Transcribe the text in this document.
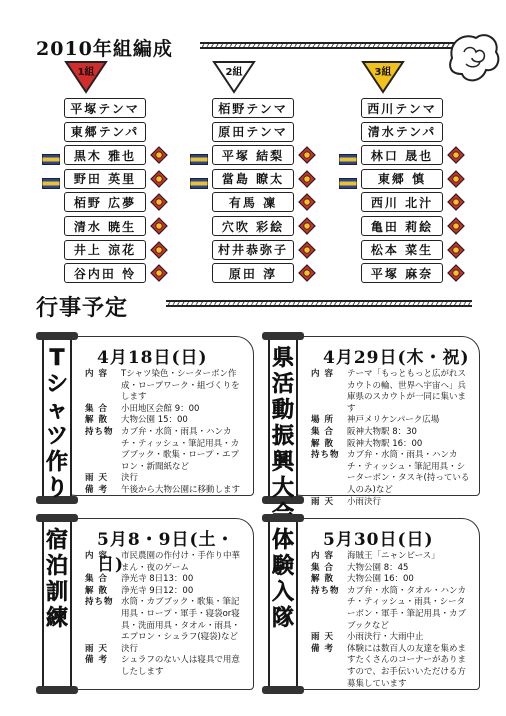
2010年組編成
1組
平塚テンマ
東郷テンパ
黒木 雅也
野田 英里
栢野 広夢
清水 暁生
井上 涼花
谷内田 怜
2組
栢野テンマ
原田テンマ
平塚 結梨
當島 瞭太
有馬 凜
穴吹 彩絵
村井恭弥子
原田 淳
3組
西川テンマ
清水テンパ
林口 晟也
東郷 慎
西川 北汁
亀田 莉絵
松本 菜生
平塚 麻奈
行事予定
4月18日(日)
内 容	Tシャツ染色・シーターボン作成・ロープワーク・組づくりをします
集 合	小田地区会館 9：00
解 散	大物公園 15：00
持ち物 カブ弁・水筒・雨具・ハンカチ・ティッシュ・筆記用具・カブブック・歌集・ロープ・エプロン・新聞紙など
雨 天	決行
備 考	午後から大物公園に移動します
T
シ
ャ
ツ
作
り
4月29日(木・祝)
内 容	テーマ「もっともっと広がれスカウトの輪、世界へ宇宙へ」兵庫県のスカウトが一同に集います
場 所	神戸メリケンパーク広場
集 合	阪神大物駅 8：30
解 散	阪神大物駅 16：00
持ち物 カブ弁・水筒・雨具・ハンカチ・ティッシュ・筆記用具・シーターボン・タスキ(持っている人のみ)など
雨 天	小雨決行
県
活
動
振
興
大
5月8・9日(土・日)
内 容	市民農園の作付け・手作り中華まん・夜のゲーム
集 合	浄光寺 8日13：00
解 散	浄光寺 9日12：00
持ち物 水筒・カブブック・歌集・筆記用具・ロープ・軍手・寝袋or寝具・洗面用具・タオル・雨具・エプロン・シュラフ(寝袋)など
雨 天	決行
備 考	シュラフのない人は寝具で用意したします
宿
泊
訓
練
5月30日(日)
内 容	海賊王「ニャンピース」
集 合	大物公園 8：45
解 散	大物公園 16：00
持ち物 カブ弁・水筒・タオル・ハンカチ・ティッシュ・雨具・シーターボン・軍手・筆記用具・カブブックなど
雨 天	小雨決行・大雨中止
備 考	体験には数百人の友達を集めますたくさんのコーナーがありますので、お手伝いいただける方募集しています
体
験
入
隊
